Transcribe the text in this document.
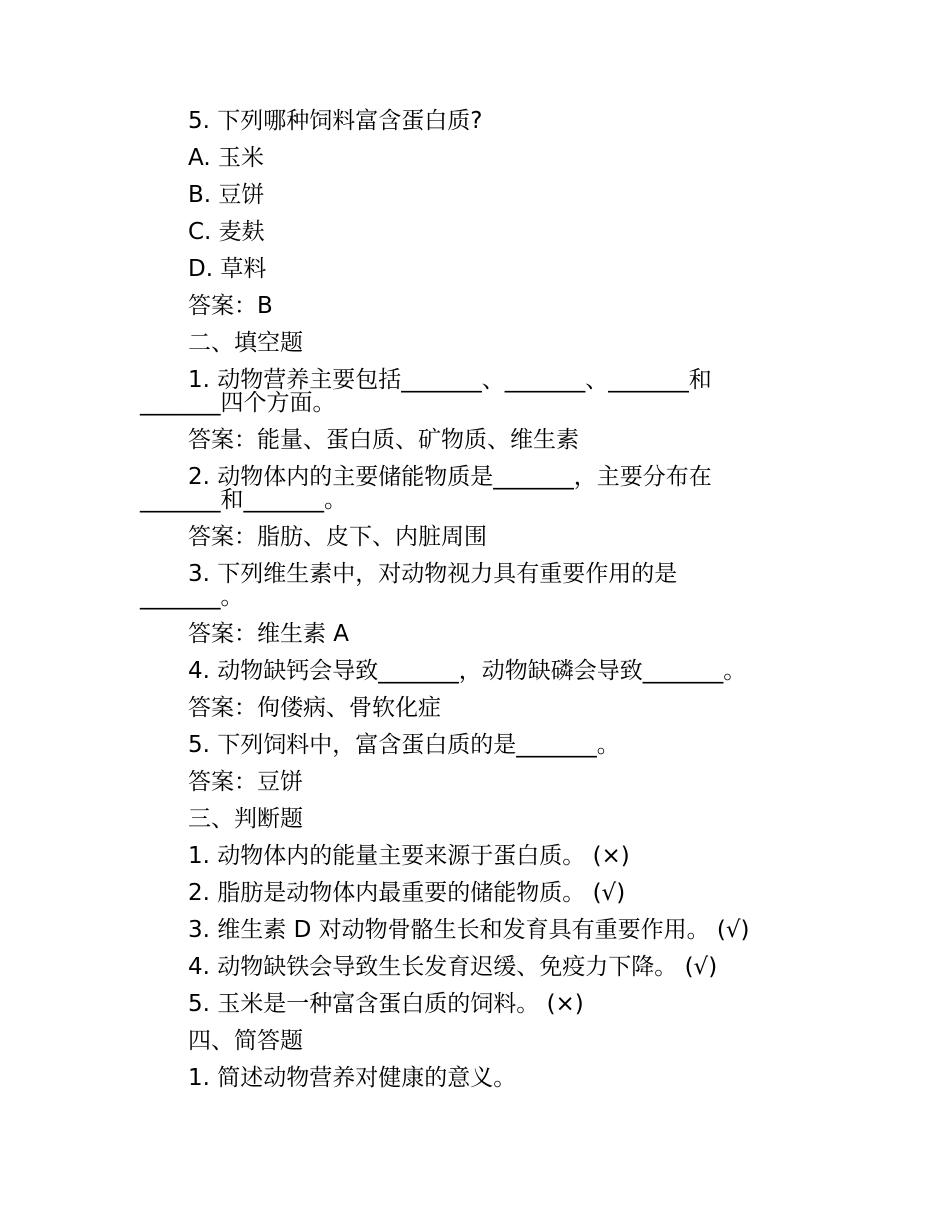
5. 下列哪种饲料富含蛋白质?
A. 玉米
B. 豆饼
C. 麦麸
D. 草料
答案：B
二、填空题
1. 动物营养主要包括_______、_______、_______和
_______四个方面。
答案：能量、蛋白质、矿物质、维生素
2. 动物体内的主要储能物质是_______，主要分布在
_______和_______。
答案：脂肪、皮下、内脏周围
3. 下列维生素中，对动物视力具有重要作用的是
_______。
答案：维生素 A
4. 动物缺钙会导致_______，动物缺磷会导致_______。
答案：佝偻病、骨软化症
5. 下列饲料中，富含蛋白质的是_______。
答案：豆饼
三、判断题
1. 动物体内的能量主要来源于蛋白质。 (×)
2. 脂肪是动物体内最重要的储能物质。 (√)
3. 维生素 D 对动物骨骼生长和发育具有重要作用。 (√)
4. 动物缺铁会导致生长发育迟缓、免疫力下降。 (√)
5. 玉米是一种富含蛋白质的饲料。 (×)
四、简答题
1. 简述动物营养对健康的意义。
